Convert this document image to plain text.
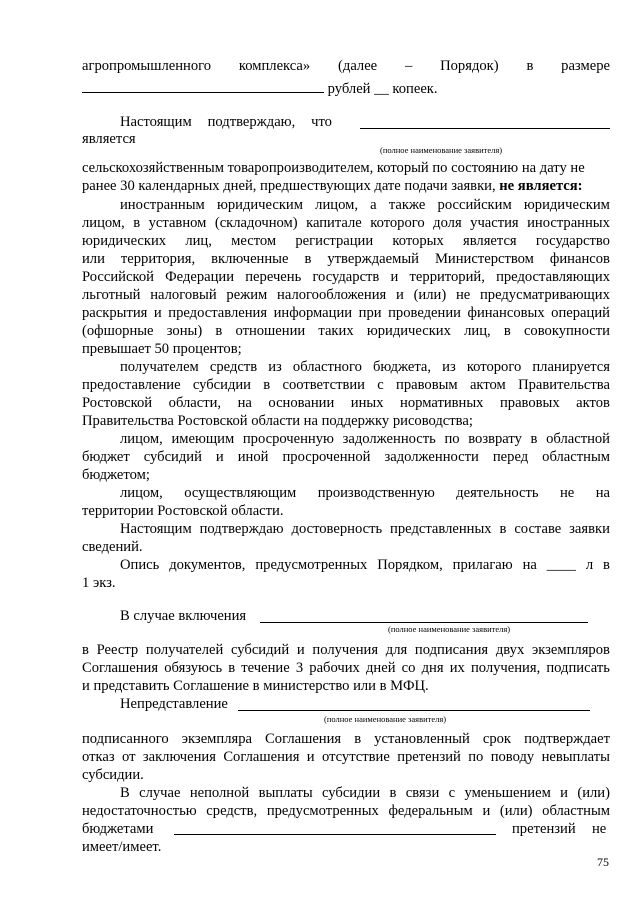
агропромышленного комплекса» (далее – Порядок) в размере
рублей __ копеек.
Настоящим подтверждаю, что
является
(полное наименование заявителя)
сельскохозяйственным товаропроизводителем, который по состоянию на дату не
ранее 30 календарных дней, предшествующих дате подачи заявки, не является:
иностранным юридическим лицом, а также российским юридическим
лицом, в уставном (складочном) капитале которого доля участия иностранных
юридических лиц, местом регистрации которых является государство
или территория, включенные в утверждаемый Министерством финансов
Российской Федерации перечень государств и территорий, предоставляющих
льготный налоговый режим налогообложения и (или) не предусматривающих
раскрытия и предоставления информации при проведении финансовых операций
(офшорные зоны) в отношении таких юридических лиц, в совокупности
превышает 50 процентов;
получателем средств из областного бюджета, из которого планируется
предоставление субсидии в соответствии с правовым актом Правительства
Ростовской области, на основании иных нормативных правовых актов
Правительства Ростовской области на поддержку рисоводства;
лицом, имеющим просроченную задолженность по возврату в областной
бюджет субсидий и иной просроченной задолженности перед областным
бюджетом;
лицом, осуществляющим производственную деятельность не на
территории Ростовской области.
Настоящим подтверждаю достоверность представленных в составе заявки
сведений.
Опись документов, предусмотренных Порядком, прилагаю на ____ л в
1 экз.
В случае включения
(полное наименование заявителя)
в Реестр получателей субсидий и получения для подписания двух экземпляров
Соглашения обязуюсь в течение 3 рабочих дней со дня их получения, подписать
и представить Соглашение в министерство или в МФЦ.
Непредставление
(полное наименование заявителя)
подписанного экземпляра Соглашения в установленный срок подтверждает
отказ от заключения Соглашения и отсутствие претензий по поводу невыплаты
субсидии.
В случае неполной выплаты субсидии в связи с уменьшением и (или)
недостаточностью средств, предусмотренных федеральным и (или) областным
бюджетами	претензий не
имеет/имеет.
75
